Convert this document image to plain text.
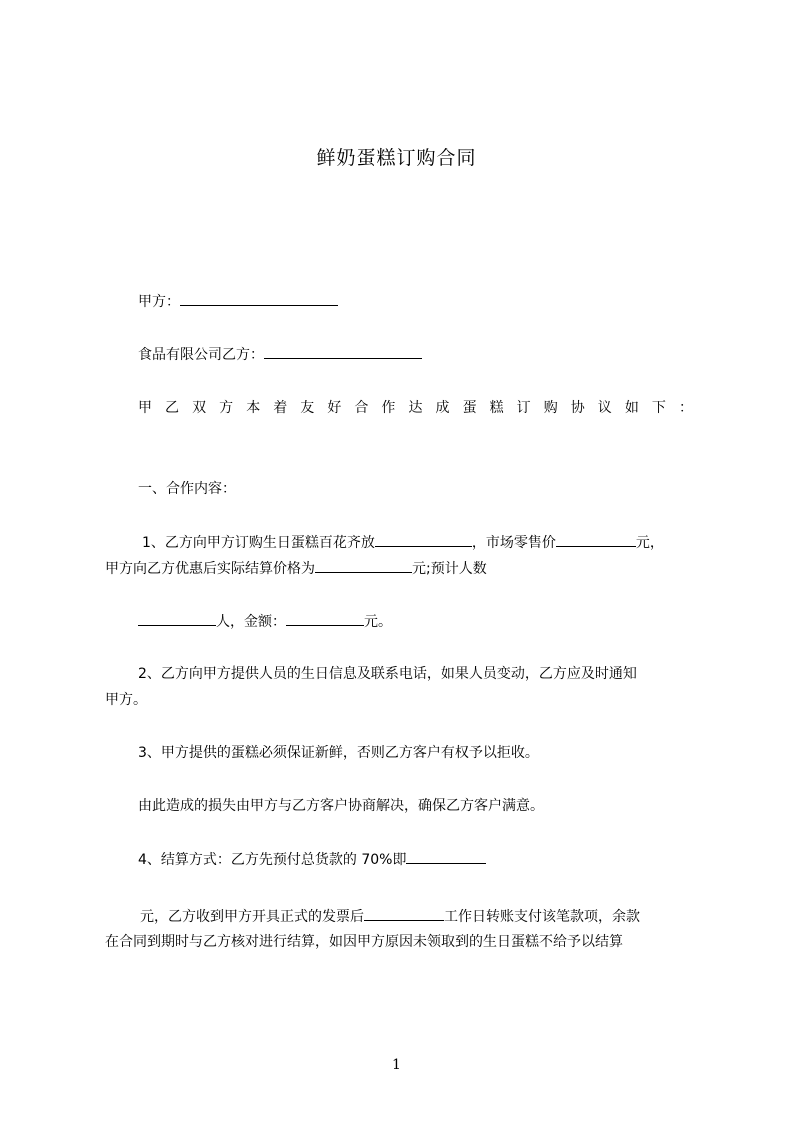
鲜奶蛋糕订购合同
甲方：
食品有限公司乙方：
甲 乙 双 方 本 着 友 好 合 作 达 成 蛋 糕 订 购 协 议 如 下 ：
一、合作内容：
1、乙方向甲方订购生日蛋糕百花齐放	，市场零售价	元，
甲方向乙方优惠后实际结算价格为	元;预计人数
人，金额：	元。
2、乙方向甲方提供人员的生日信息及联系电话，如果人员变动，乙方应及时通知
甲方。
3、甲方提供的蛋糕必须保证新鲜，否则乙方客户有权予以拒收。
由此造成的损失由甲方与乙方客户协商解决，确保乙方客户满意。
4、结算方式：乙方先预付总货款的 70%即
元，乙方收到甲方开具正式的发票后	工作日转账支付该笔款项，余款
在合同到期时与乙方核对进行结算，如因甲方原因未领取到的生日蛋糕不给予以结算
1
